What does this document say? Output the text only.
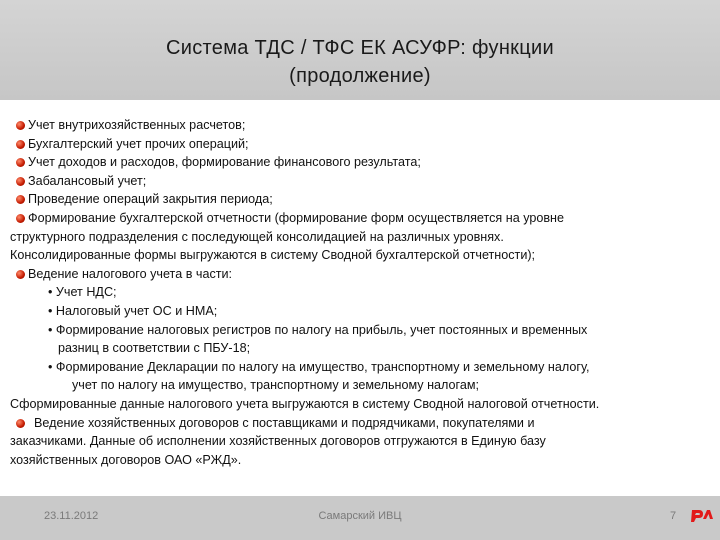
Система ТДС / ТФС ЕК АСУФР: функции
(продолжение)
Учет внутрихозяйственных расчетов;
Бухгалтерский учет прочих операций;
Учет доходов и расходов, формирование финансового результата;
Забалансовый учет;
Проведение операций закрытия периода;
Формирование бухгалтерской отчетности (формирование форм осуществляется на уровне
структурного подразделения с последующей консолидацией на различных уровнях.
Консолидированные формы выгружаются в систему Сводной бухгалтерской отчетности);
Ведение налогового учета в части:
• Учет НДС;
• Налоговый учет ОС и НМА;
• Формирование налоговых регистров по налогу на прибыль, учет постоянных и временных
разниц в соответствии с ПБУ-18;
• Формирование Декларации по налогу на имущество, транспортному и земельному налогу,
учет по налогу на имущество, транспортному и земельному налогам;
Сформированные данные налогового учета выгружаются в систему Сводной налоговой отчетности.
Ведение хозяйственных договоров с поставщиками и подрядчиками, покупателями и
заказчиками. Данные об исполнении хозяйственных договоров отгружаются в Единую базу
хозяйственных договоров ОАО «РЖД».
23.11.2012	Самарский ИВЦ	7
